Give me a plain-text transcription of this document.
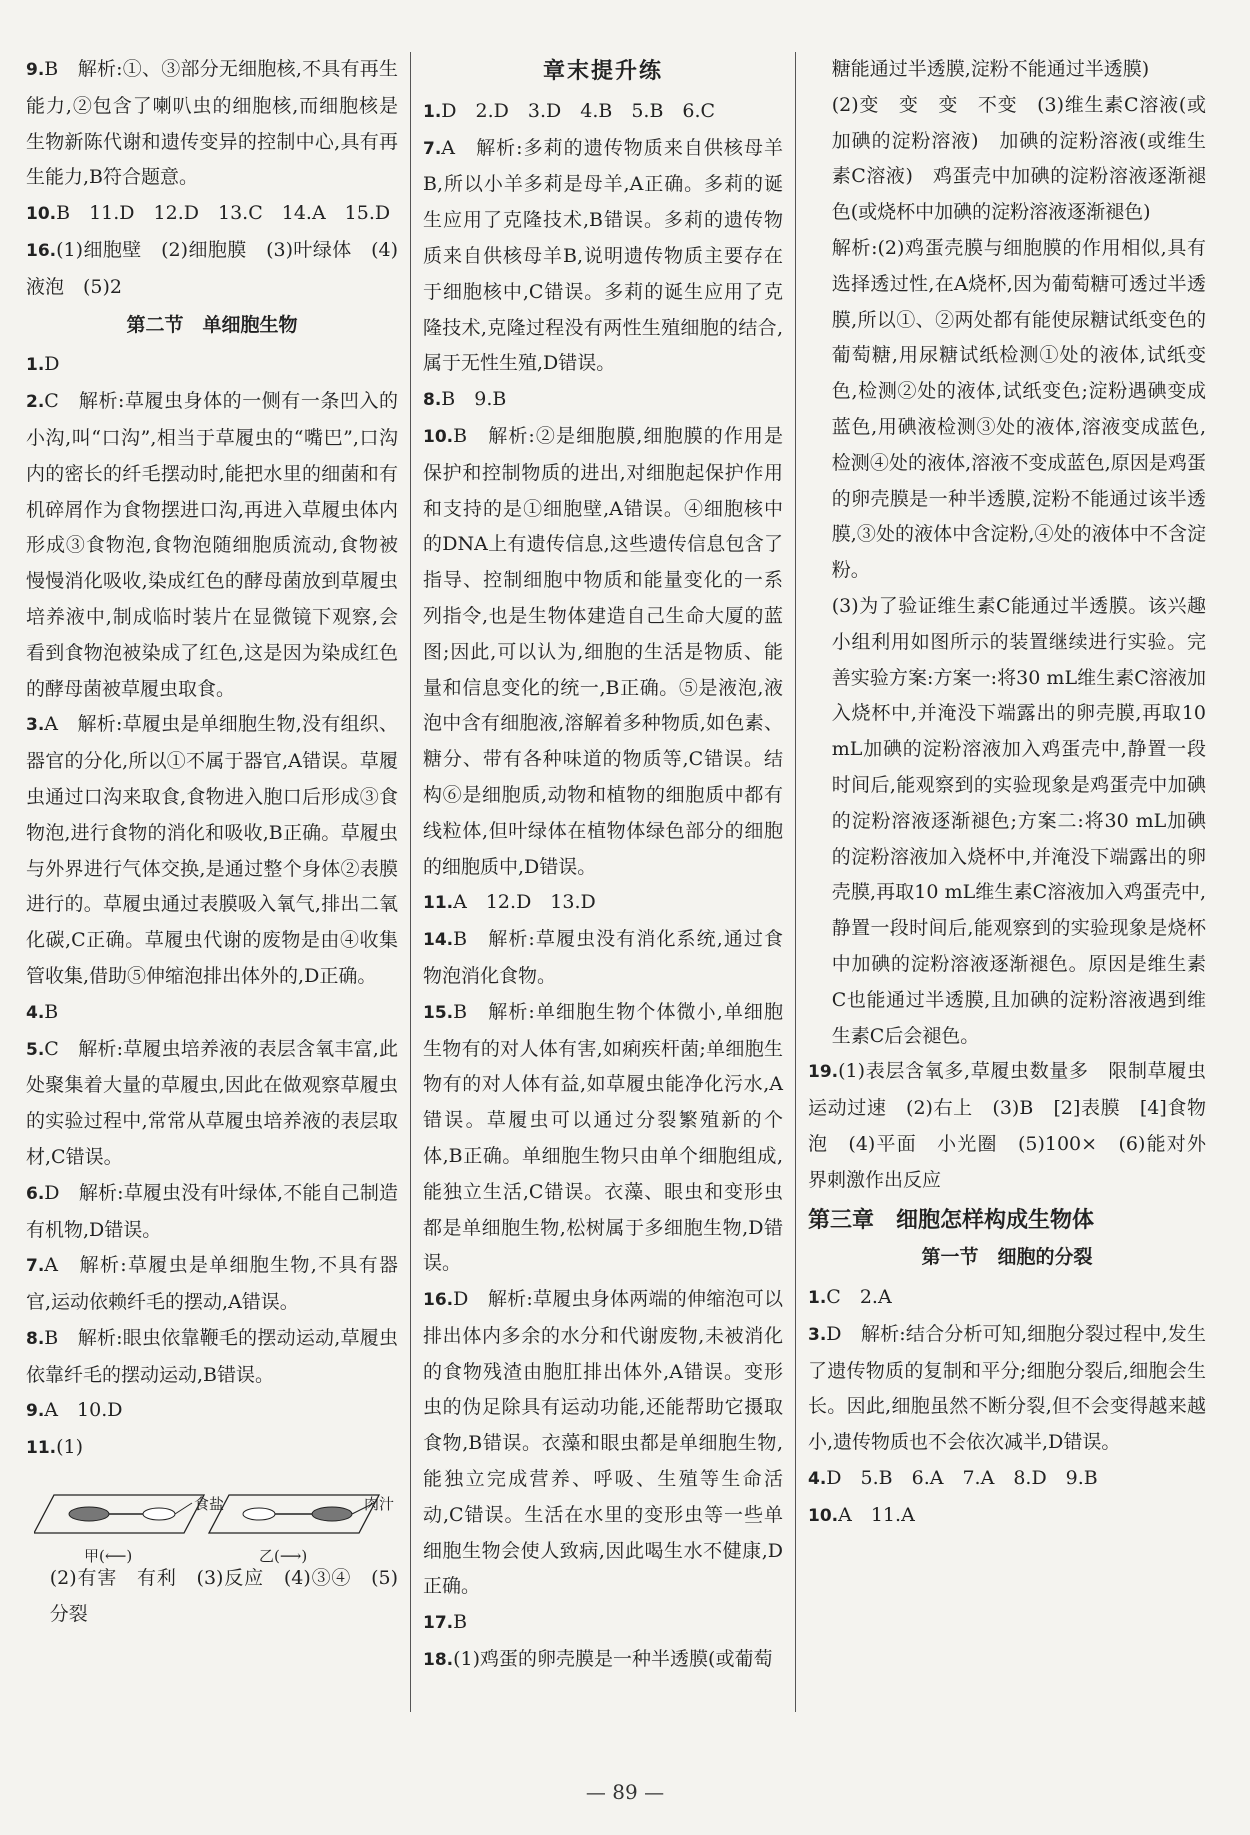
9.B　解析:①、③部分无细胞核,不具有再生能力,②包含了喇叭虫的细胞核,而细胞核是生物新陈代谢和遗传变异的控制中心,具有再生能力,B符合题意。

10.B　11.D　12.D　13.C　14.A　15.D

16.(1)细胞壁　(2)细胞膜　(3)叶绿体　(4)液泡　(5)2

第二节　单细胞生物

1.D

2.C　解析:草履虫身体的一侧有一条凹入的小沟,叫“口沟”,相当于草履虫的“嘴巴”,口沟内的密长的纤毛摆动时,能把水里的细菌和有机碎屑作为食物摆进口沟,再进入草履虫体内形成③食物泡,食物泡随细胞质流动,食物被慢慢消化吸收,染成红色的酵母菌放到草履虫培养液中,制成临时装片在显微镜下观察,会看到食物泡被染成了红色,这是因为染成红色的酵母菌被草履虫取食。

3.A　解析:草履虫是单细胞生物,没有组织、器官的分化,所以①不属于器官,A错误。草履虫通过口沟来取食,食物进入胞口后形成③食物泡,进行食物的消化和吸收,B正确。草履虫与外界进行气体交换,是通过整个身体②表膜进行的。草履虫通过表膜吸入氧气,排出二氧化碳,C正确。草履虫代谢的废物是由④收集管收集,借助⑤伸缩泡排出体外的,D正确。

4.B

5.C　解析:草履虫培养液的表层含氧丰富,此处聚集着大量的草履虫,因此在做观察草履虫的实验过程中,常常从草履虫培养液的表层取材,C错误。

6.D　解析:草履虫没有叶绿体,不能自己制造有机物,D错误。

7.A　解析:草履虫是单细胞生物,不具有器官,运动依赖纤毛的摆动,A错误。

8.B　解析:眼虫依靠鞭毛的摆动运动,草履虫依靠纤毛的摆动运动,B错误。

9.A　10.D

11.(1)

食盐	肉汁
甲(⟵)	乙(⟶)

(2)有害　有利　(3)反应　(4)③④　(5)分裂

章末提升练

1.D　2.D　3.D　4.B　5.B　6.C

7.A　解析:多莉的遗传物质来自供核母羊B,所以小羊多莉是母羊,A正确。多莉的诞生应用了克隆技术,B错误。多莉的遗传物质来自供核母羊B,说明遗传物质主要存在于细胞核中,C错误。多莉的诞生应用了克隆技术,克隆过程没有两性生殖细胞的结合,属于无性生殖,D错误。

8.B　9.B

10.B　解析:②是细胞膜,细胞膜的作用是保护和控制物质的进出,对细胞起保护作用和支持的是①细胞壁,A错误。④细胞核中的DNA上有遗传信息,这些遗传信息包含了指导、控制细胞中物质和能量变化的一系列指令,也是生物体建造自己生命大厦的蓝图;因此,可以认为,细胞的生活是物质、能量和信息变化的统一,B正确。⑤是液泡,液泡中含有细胞液,溶解着多种物质,如色素、糖分、带有各种味道的物质等,C错误。结构⑥是细胞质,动物和植物的细胞质中都有线粒体,但叶绿体在植物体绿色部分的细胞的细胞质中,D错误。

11.A　12.D　13.D

14.B　解析:草履虫没有消化系统,通过食物泡消化食物。

15.B　解析:单细胞生物个体微小,单细胞生物有的对人体有害,如痢疾杆菌;单细胞生物有的对人体有益,如草履虫能净化污水,A错误。草履虫可以通过分裂繁殖新的个体,B正确。单细胞生物只由单个细胞组成,能独立生活,C错误。衣藻、眼虫和变形虫都是单细胞生物,松树属于多细胞生物,D错误。

16.D　解析:草履虫身体两端的伸缩泡可以排出体内多余的水分和代谢废物,未被消化的食物残渣由胞肛排出体外,A错误。变形虫的伪足除具有运动功能,还能帮助它摄取食物,B错误。衣藻和眼虫都是单细胞生物,能独立完成营养、呼吸、生殖等生命活动,C错误。生活在水里的变形虫等一些单细胞生物会使人致病,因此喝生水不健康,D正确。

17.B

18.(1)鸡蛋的卵壳膜是一种半透膜(或葡萄

糖能通过半透膜,淀粉不能通过半透膜)

(2)变　变　变　不变　(3)维生素C溶液(或加碘的淀粉溶液)　加碘的淀粉溶液(或维生素C溶液)　鸡蛋壳中加碘的淀粉溶液逐渐褪色(或烧杯中加碘的淀粉溶液逐渐褪色)

解析:(2)鸡蛋壳膜与细胞膜的作用相似,具有选择透过性,在A烧杯,因为葡萄糖可透过半透膜,所以①、②两处都有能使尿糖试纸变色的葡萄糖,用尿糖试纸检测①处的液体,试纸变色,检测②处的液体,试纸变色;淀粉遇碘变成蓝色,用碘液检测③处的液体,溶液变成蓝色,检测④处的液体,溶液不变成蓝色,原因是鸡蛋的卵壳膜是一种半透膜,淀粉不能通过该半透膜,③处的液体中含淀粉,④处的液体中不含淀粉。

(3)为了验证维生素C能通过半透膜。该兴趣小组利用如图所示的装置继续进行实验。完善实验方案:方案一:将30 mL维生素C溶液加入烧杯中,并淹没下端露出的卵壳膜,再取10 mL加碘的淀粉溶液加入鸡蛋壳中,静置一段时间后,能观察到的实验现象是鸡蛋壳中加碘的淀粉溶液逐渐褪色;方案二:将30 mL加碘的淀粉溶液加入烧杯中,并淹没下端露出的卵壳膜,再取10 mL维生素C溶液加入鸡蛋壳中,静置一段时间后,能观察到的实验现象是烧杯中加碘的淀粉溶液逐渐褪色。原因是维生素C也能通过半透膜,且加碘的淀粉溶液遇到维生素C后会褪色。

19.(1)表层含氧多,草履虫数量多　限制草履虫运动过速　(2)右上　(3)B　[2]表膜　[4]食物泡　(4)平面　小光圈　(5)100×　(6)能对外界刺激作出反应

第三章　细胞怎样构成生物体
第一节　细胞的分裂

1.C　2.A

3.D　解析:结合分析可知,细胞分裂过程中,发生了遗传物质的复制和平分;细胞分裂后,细胞会生长。因此,细胞虽然不断分裂,但不会变得越来越小,遗传物质也不会依次减半,D错误。

4.D　5.B　6.A　7.A　8.D　9.B

10.A　11.A

— 89 —
